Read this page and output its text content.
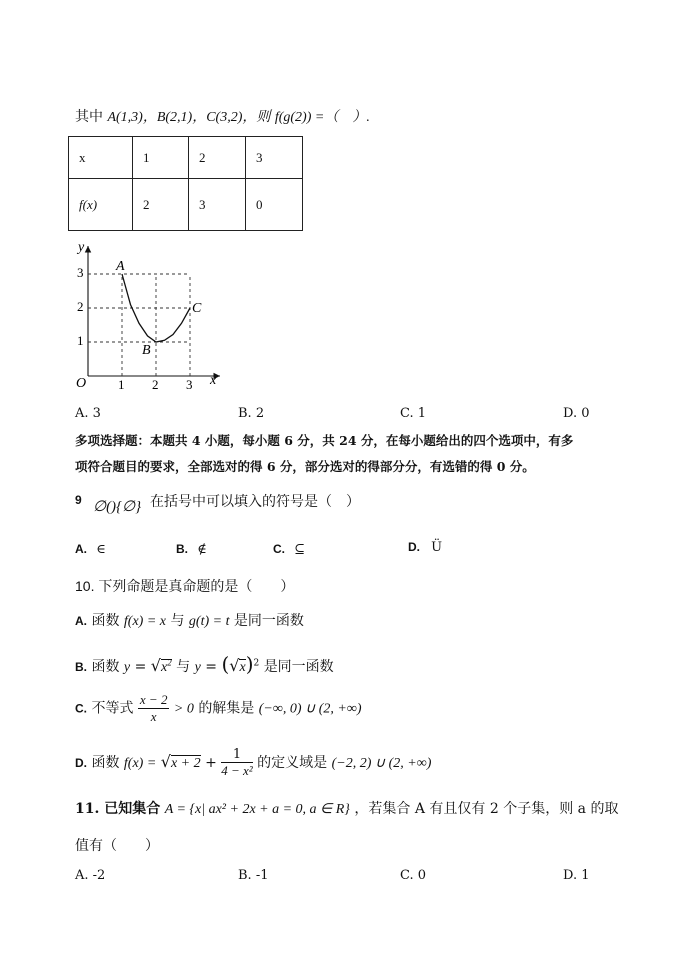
其中 A(1,3)，B(2,1)，C(3,2)，则 f(g(2)) =（　）.
x	1	2	3
f(x)	2	3	0
y
x
O
3
2
1
1 2 3
A
B
C
A. 3	B. 2	C. 1	D. 0
多项选择题：本题共 4 小题，每小题 6 分，共 24 分，在每小题给出的四个选项中，有多
项符合题目的要求，全部选对的得 6 分，部分选对的得部分分，有选错的得 0 分。
9 ∅(){∅} 在括号中可以填入的符号是（　）
A. ∈	B. ∉	C. ⊆	D. Ü
10. 下列命题是真命题的是（　　）
A. 函数 f(x) = x 与 g(t) = t 是同一函数
B. 函数 $y = √x^2$ 与 $y = (√x)^2$ 是同一函数
C. 不等式 $\frac{x - 2}{x} > 0$ 的解集是 (−∞, 0) ∪ (2, +∞)
D. 函数 $f(x) = √x + 2 + \frac{1}{\text{4 − x²}}$ 的定义域是 (−2, 2) ∪ (2, +∞)
11. 已知集合 A = {x| ax² + 2x + a = 0, a ∈ R} ，若集合 A 有且仅有 2 个子集，则 a 的取
值有（　　）
A. -2	B. -1	C. 0	D. 1
